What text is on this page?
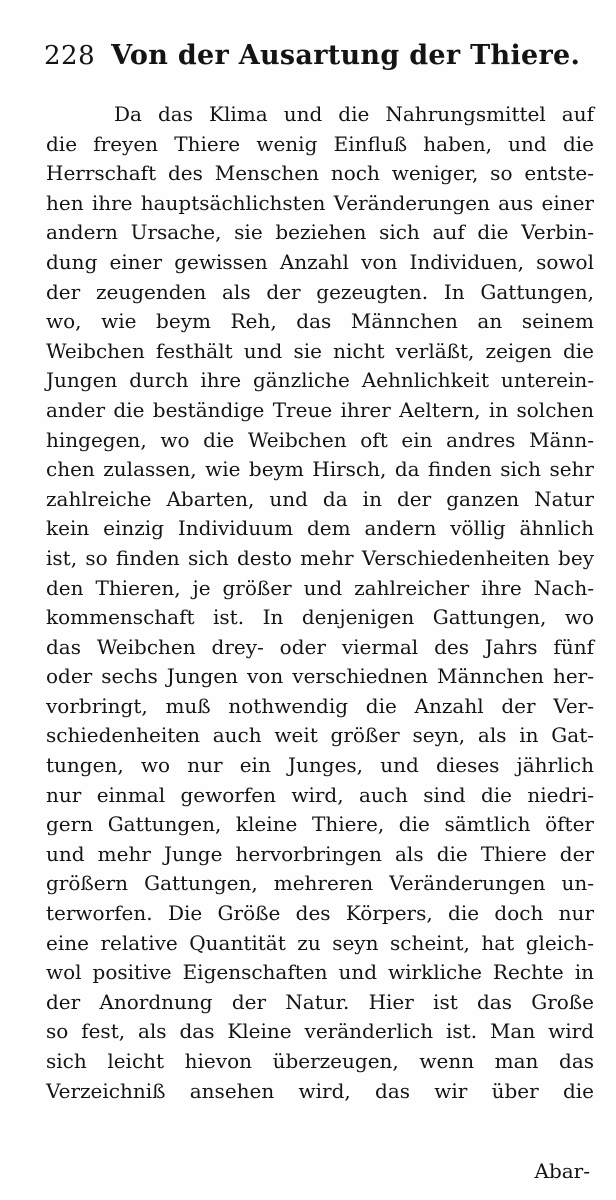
228 Von der Ausartung der Thiere.
Da das Klima und die Nahrungsmittel auf
die freyen Thiere wenig Einfluß haben, und die
Herrschaft des Menschen noch weniger, so entste-
hen ihre hauptsächlichsten Veränderungen aus einer
andern Ursache, sie beziehen sich auf die Verbin-
dung einer gewissen Anzahl von Individuen, sowol
der zeugenden als der gezeugten. In Gattungen,
wo, wie beym Reh, das Männchen an seinem
Weibchen festhält und sie nicht verläßt, zeigen die
Jungen durch ihre gänzliche Aehnlichkeit unterein-
ander die beständige Treue ihrer Aeltern, in solchen
hingegen, wo die Weibchen oft ein andres Männ-
chen zulassen, wie beym Hirsch, da finden sich sehr
zahlreiche Abarten, und da in der ganzen Natur
kein einzig Individuum dem andern völlig ähnlich
ist, so finden sich desto mehr Verschiedenheiten bey
den Thieren, je größer und zahlreicher ihre Nach-
kommenschaft ist. In denjenigen Gattungen, wo
das Weibchen drey- oder viermal des Jahrs fünf
oder sechs Jungen von verschiednen Männchen her-
vorbringt, muß nothwendig die Anzahl der Ver-
schiedenheiten auch weit größer seyn, als in Gat-
tungen, wo nur ein Junges, und dieses jährlich
nur einmal geworfen wird, auch sind die niedri-
gern Gattungen, kleine Thiere, die sämtlich öfter
und mehr Junge hervorbringen als die Thiere der
größern Gattungen, mehreren Veränderungen un-
terworfen. Die Größe des Körpers, die doch nur
eine relative Quantität zu seyn scheint, hat gleich-
wol positive Eigenschaften und wirkliche Rechte in
der Anordnung der Natur. Hier ist das Große
so fest, als das Kleine veränderlich ist. Man wird
sich leicht hievon überzeugen, wenn man das
Verzeichniß ansehen wird, das wir über die
Abar-
